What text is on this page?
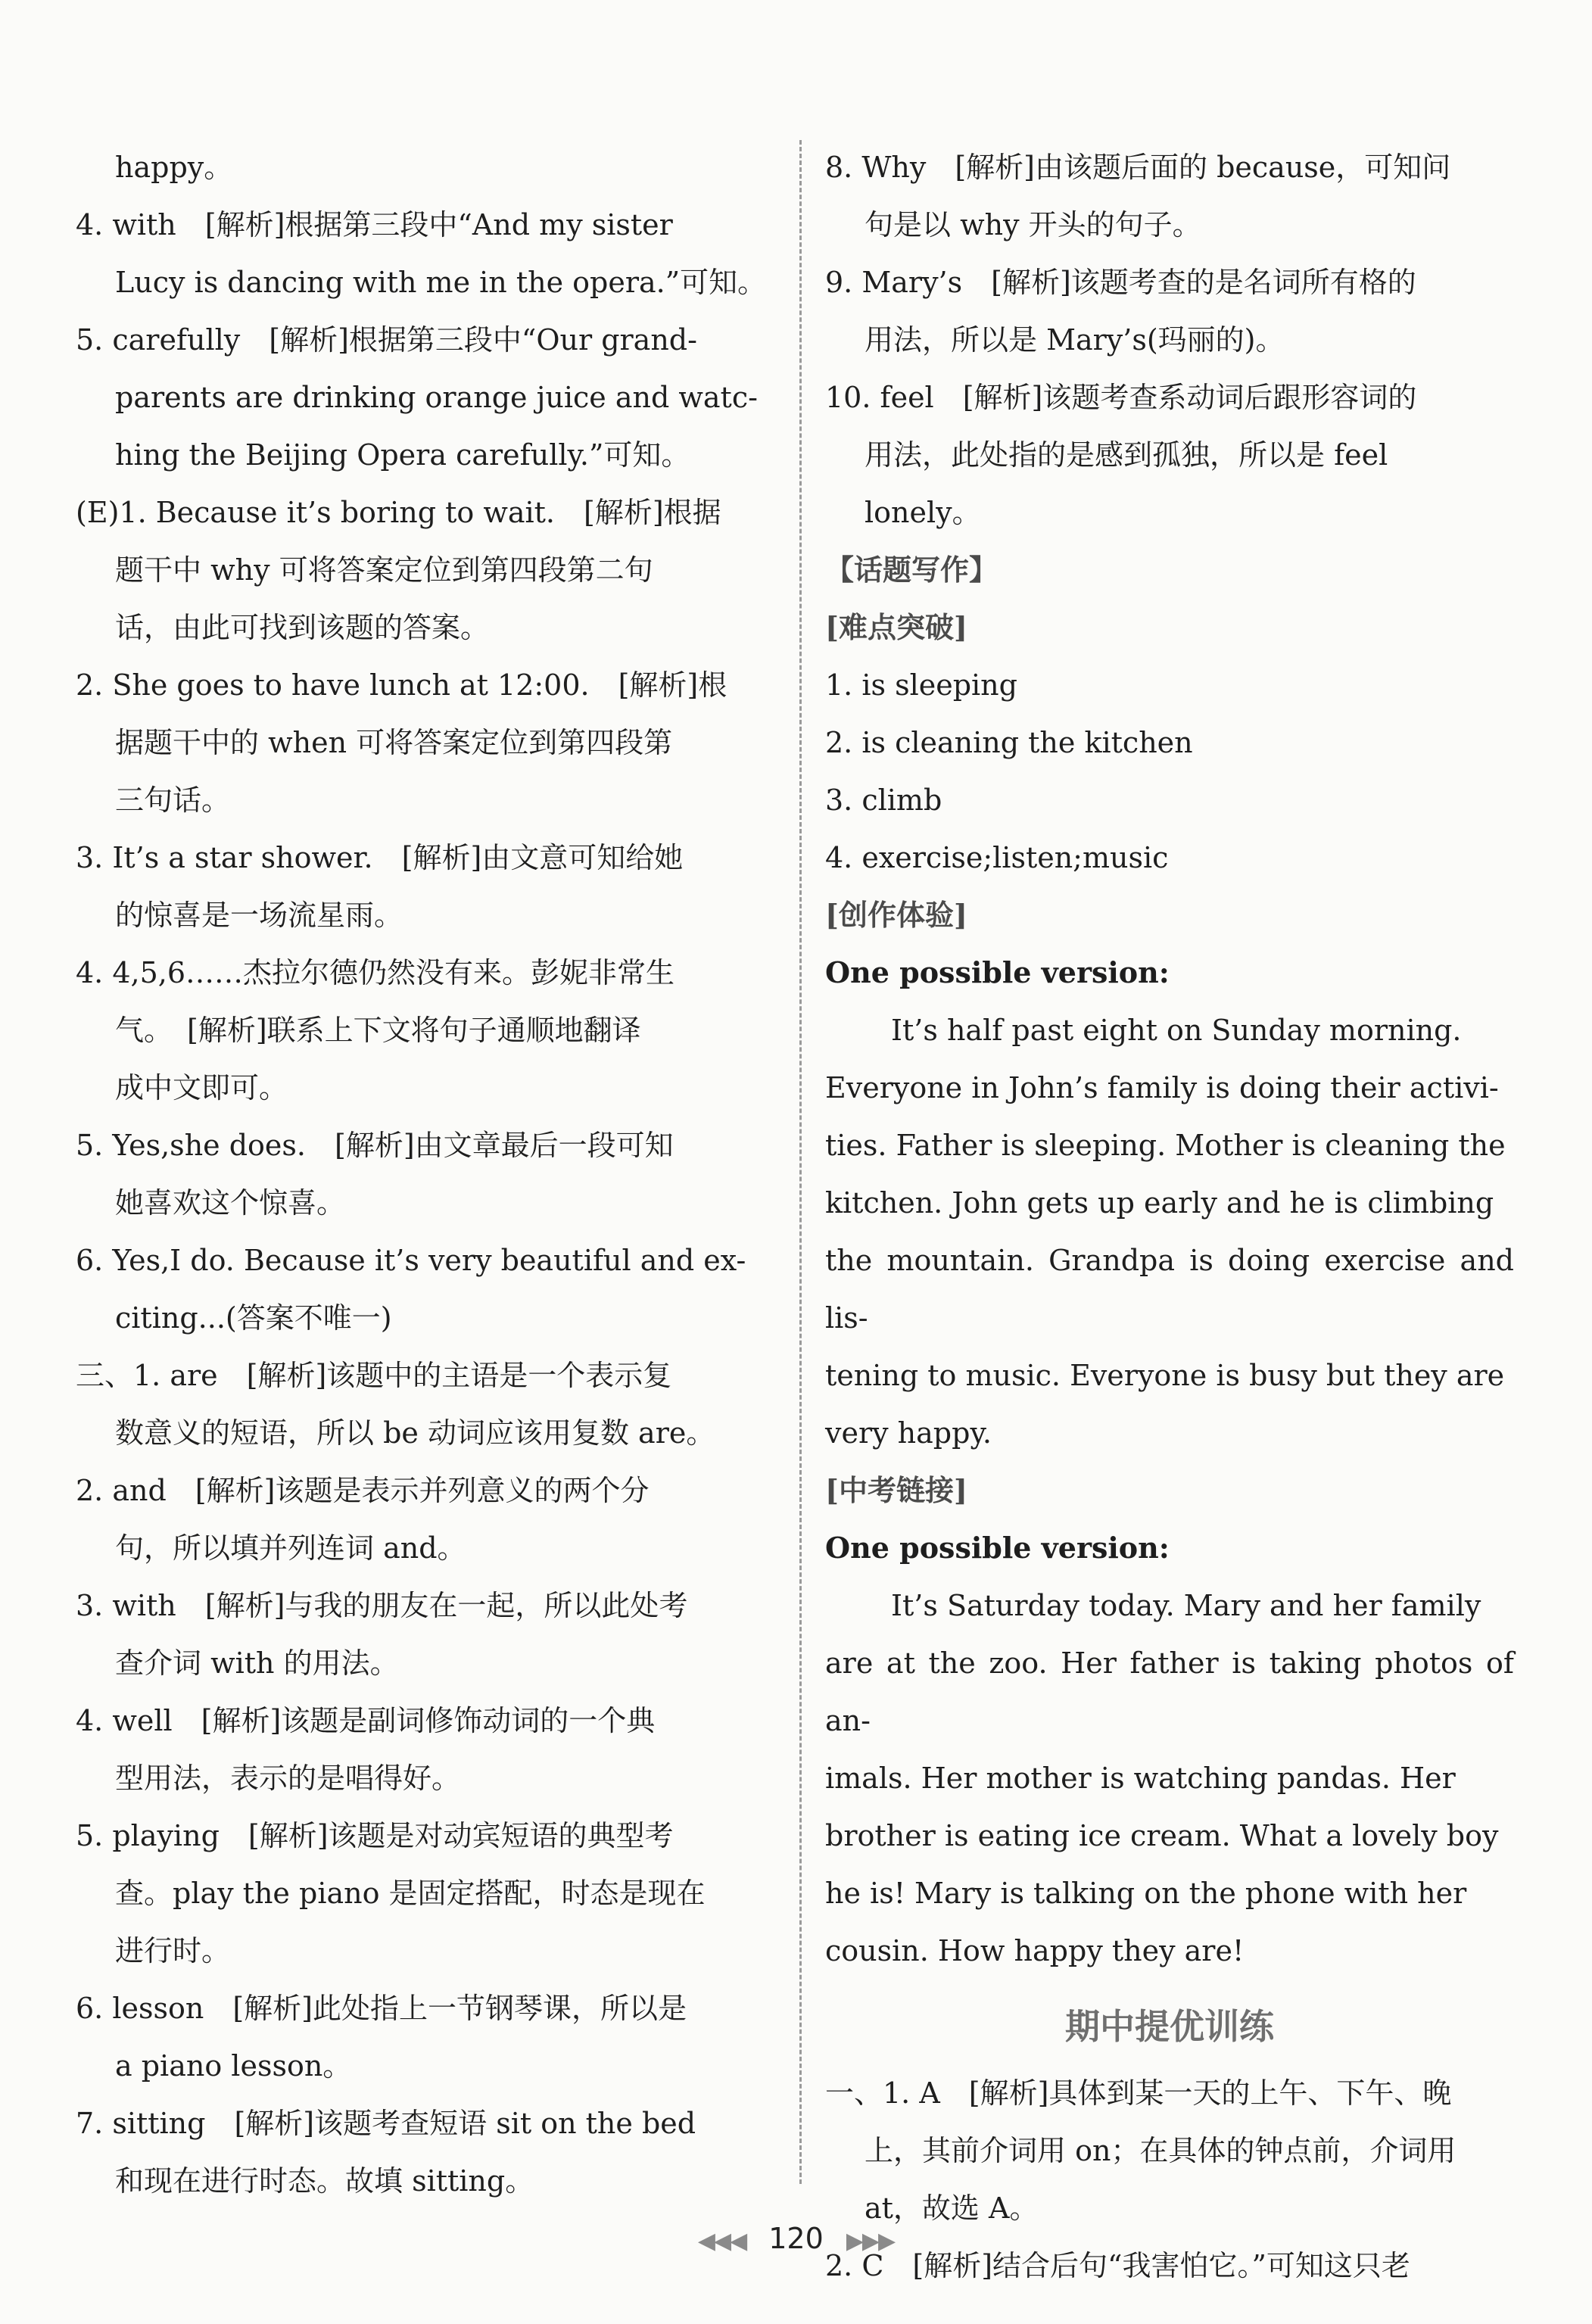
happy。

4. with　[解析]根据第三段中“And my sister

Lucy is dancing with me in the opera.”可知。

5. carefully　[解析]根据第三段中“Our grand-

parents are drinking orange juice and watc-

hing the Beijing Opera carefully.”可知。

(E)1. Because it’s boring to wait.　[解析]根据

题干中 why 可将答案定位到第四段第二句

话，由此可找到该题的答案。

2. She goes to have lunch at 12:00.　[解析]根

据题干中的 when 可将答案定位到第四段第

三句话。

3. It’s a star shower.　[解析]由文意可知给她

的惊喜是一场流星雨。

4. 4,5,6……杰拉尔德仍然没有来。彭妮非常生

气。　[解析]联系上下文将句子通顺地翻译

成中文即可。

5. Yes,she does.　[解析]由文章最后一段可知

她喜欢这个惊喜。

6. Yes,I do. Because it’s very beautiful and ex-

citing...(答案不唯一)

三、1. are　[解析]该题中的主语是一个表示复

数意义的短语，所以 be 动词应该用复数 are。

2. and　[解析]该题是表示并列意义的两个分

句，所以填并列连词 and。

3. with　[解析]与我的朋友在一起，所以此处考

查介词 with 的用法。

4. well　[解析]该题是副词修饰动词的一个典

型用法，表示的是唱得好。

5. playing　[解析]该题是对动宾短语的典型考

查。play the piano 是固定搭配，时态是现在

进行时。

6. lesson　[解析]此处指上一节钢琴课，所以是

a piano lesson。

7. sitting　[解析]该题考查短语 sit on the bed

和现在进行时态。故填 sitting。

8. Why　[解析]由该题后面的 because，可知问

句是以 why 开头的句子。

9. Mary’s　[解析]该题考查的是名词所有格的

用法，所以是 Mary’s(玛丽的)。

10. feel　[解析]该题考查系动词后跟形容词的

用法，此处指的是感到孤独，所以是 feel

lonely。

【话题写作】

[难点突破]

1. is sleeping

2. is cleaning the kitchen

3. climb

4. exercise;listen;music

[创作体验]

One possible version:

It’s half past eight on Sunday morning.

Everyone in John’s family is doing their activi-

ties. Father is sleeping. Mother is cleaning the

kitchen. John gets up early and he is climbing

the mountain. Grandpa is doing exercise and lis-

tening to music. Everyone is busy but they are

very happy.

[中考链接]

One possible version:

It’s Saturday today. Mary and her family

are at the zoo. Her father is taking photos of an-

imals. Her mother is watching pandas. Her

brother is eating ice cream. What a lovely boy

he is! Mary is talking on the phone with her

cousin. How happy they are!

期中提优训练

一、1. A　[解析]具体到某一天的上午、下午、晚

上，其前介词用 on；在具体的钟点前，介词用

at，故选 A。

2. C　[解析]结合后句“我害怕它。”可知这只老

◀◀◀ 120 ▶▶▶
